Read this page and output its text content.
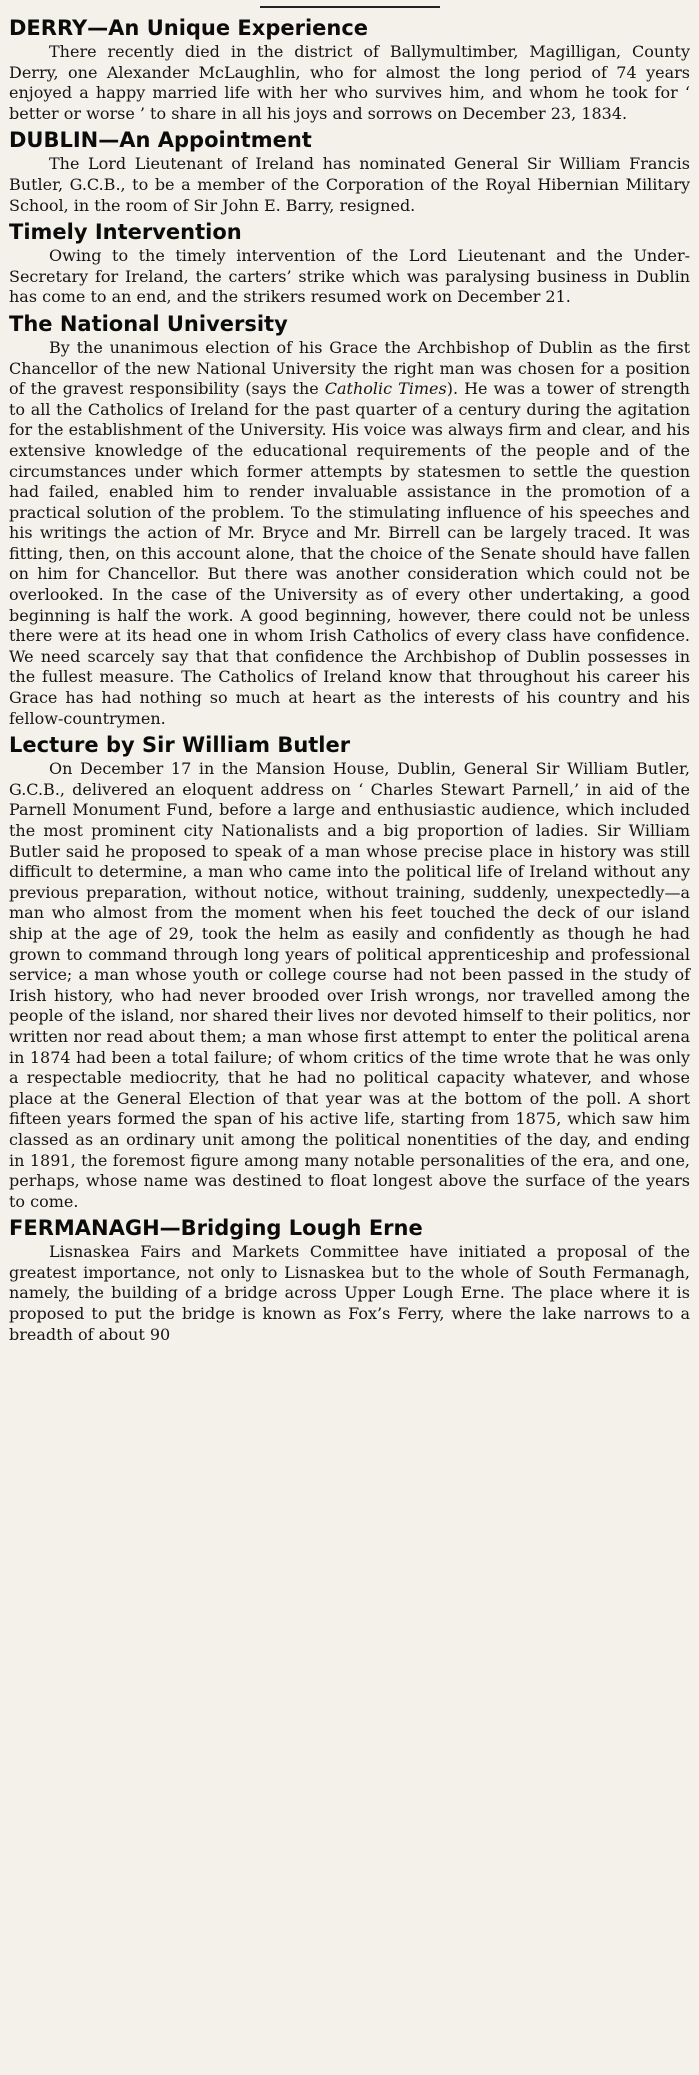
DERRY—An Unique Experience

There recently died in the district of Ballymultimber, Magilligan, County Derry, one Alexander McLaughlin, who for almost the long period of 74 years enjoyed a happy married life with her who survives him, and whom he took for ‘ better or worse ’ to share in all his joys and sorrows on December 23, 1834.

DUBLIN—An Appointment

The Lord Lieutenant of Ireland has nominated General Sir William Francis Butler, G.C.B., to be a member of the Corporation of the Royal Hibernian Military School, in the room of Sir John E. Barry, resigned.

Timely Intervention

Owing to the timely intervention of the Lord Lieutenant and the Under-Secretary for Ireland, the carters’ strike which was paralysing business in Dublin has come to an end, and the strikers resumed work on December 21.

The National University

By the unanimous election of his Grace the Archbishop of Dublin as the first Chancellor of the new National University the right man was chosen for a position of the gravest responsibility (says the Catholic Times). He was a tower of strength to all the Catholics of Ireland for the past quarter of a century during the agitation for the establishment of the University. His voice was always firm and clear, and his extensive knowledge of the educational requirements of the people and of the circumstances under which former attempts by statesmen to settle the question had failed, enabled him to render invaluable assistance in the promotion of a practical solution of the problem. To the stimulating influence of his speeches and his writings the action of Mr. Bryce and Mr. Birrell can be largely traced. It was fitting, then, on this account alone, that the choice of the Senate should have fallen on him for Chancellor. But there was another consideration which could not be overlooked. In the case of the University as of every other undertaking, a good beginning is half the work. A good beginning, however, there could not be unless there were at its head one in whom Irish Catholics of every class have confidence. We need scarcely say that that confidence the Archbishop of Dublin possesses in the fullest measure. The Catholics of Ireland know that throughout his career his Grace has had nothing so much at heart as the interests of his country and his fellow-countrymen.

Lecture by Sir William Butler

On December 17 in the Mansion House, Dublin, General Sir William Butler, G.C.B., delivered an eloquent address on ‘ Charles Stewart Parnell,’ in aid of the Parnell Monument Fund, before a large and enthusiastic audience, which included the most prominent city Nationalists and a big proportion of ladies. Sir William Butler said he proposed to speak of a man whose precise place in history was still difficult to determine, a man who came into the political life of Ireland without any previous preparation, without notice, without training, suddenly, unexpectedly—a man who almost from the moment when his feet touched the deck of our island ship at the age of 29, took the helm as easily and confidently as though he had grown to command through long years of political apprenticeship and professional service; a man whose youth or college course had not been passed in the study of Irish history, who had never brooded over Irish wrongs, nor travelled among the people of the island, nor shared their lives nor devoted himself to their politics, nor written nor read about them; a man whose first attempt to enter the political arena in 1874 had been a total failure; of whom critics of the time wrote that he was only a respectable mediocrity, that he had no political capacity whatever, and whose place at the General Election of that year was at the bottom of the poll. A short fifteen years formed the span of his active life, starting from 1875, which saw him classed as an ordinary unit among the political nonentities of the day, and ending in 1891, the foremost figure among many notable personalities of the era, and one, perhaps, whose name was destined to float longest above the surface of the years to come.

FERMANAGH—Bridging Lough Erne

Lisnaskea Fairs and Markets Committee have initiated a proposal of the greatest importance, not only to Lisnaskea but to the whole of South Fermanagh, namely, the building of a bridge across Upper Lough Erne. The place where it is proposed to put the bridge is known as Fox’s Ferry, where the lake narrows to a breadth of about 90
